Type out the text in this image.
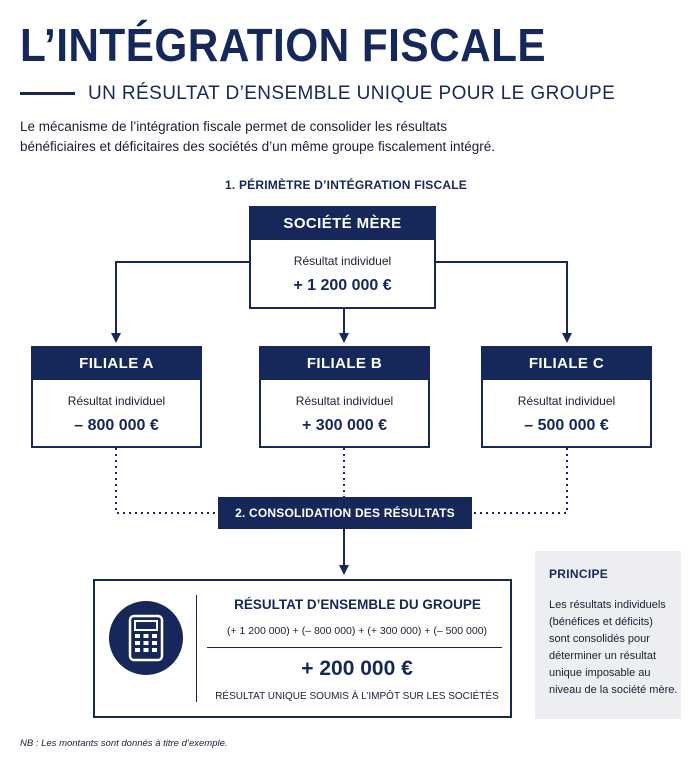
L’INTÉGRATION FISCALE
UN RÉSULTAT D’ENSEMBLE UNIQUE POUR LE GROUPE
Le mécanisme de l’intégration fiscale permet de consolider les résultats
bénéficiaires et déficitaires des sociétés d’un même groupe fiscalement intégré.
1. PÉRIMÈTRE D’INTÉGRATION FISCALE
SOCIÉTÉ MÈRE
Résultat individuel
+ 1 200 000 €
FILIALE A
Résultat individuel
– 800 000 €
FILIALE B
Résultat individuel
+ 300 000 €
FILIALE C
Résultat individuel
– 500 000 €
2. CONSOLIDATION DES RÉSULTATS
RÉSULTAT D’ENSEMBLE DU GROUPE
(+ 1 200 000) + (– 800 000) + (+ 300 000) + (– 500 000)
+ 200 000 €
RÉSULTAT UNIQUE SOUMIS À L’IMPÔT SUR LES SOCIÉTÉS
PRINCIPE
Les résultats individuels
(bénéfices et déficits)
sont consolidés pour
déterminer un résultat
unique imposable au
niveau de la société mère.
NB : Les montants sont donnés à titre d’exemple.
